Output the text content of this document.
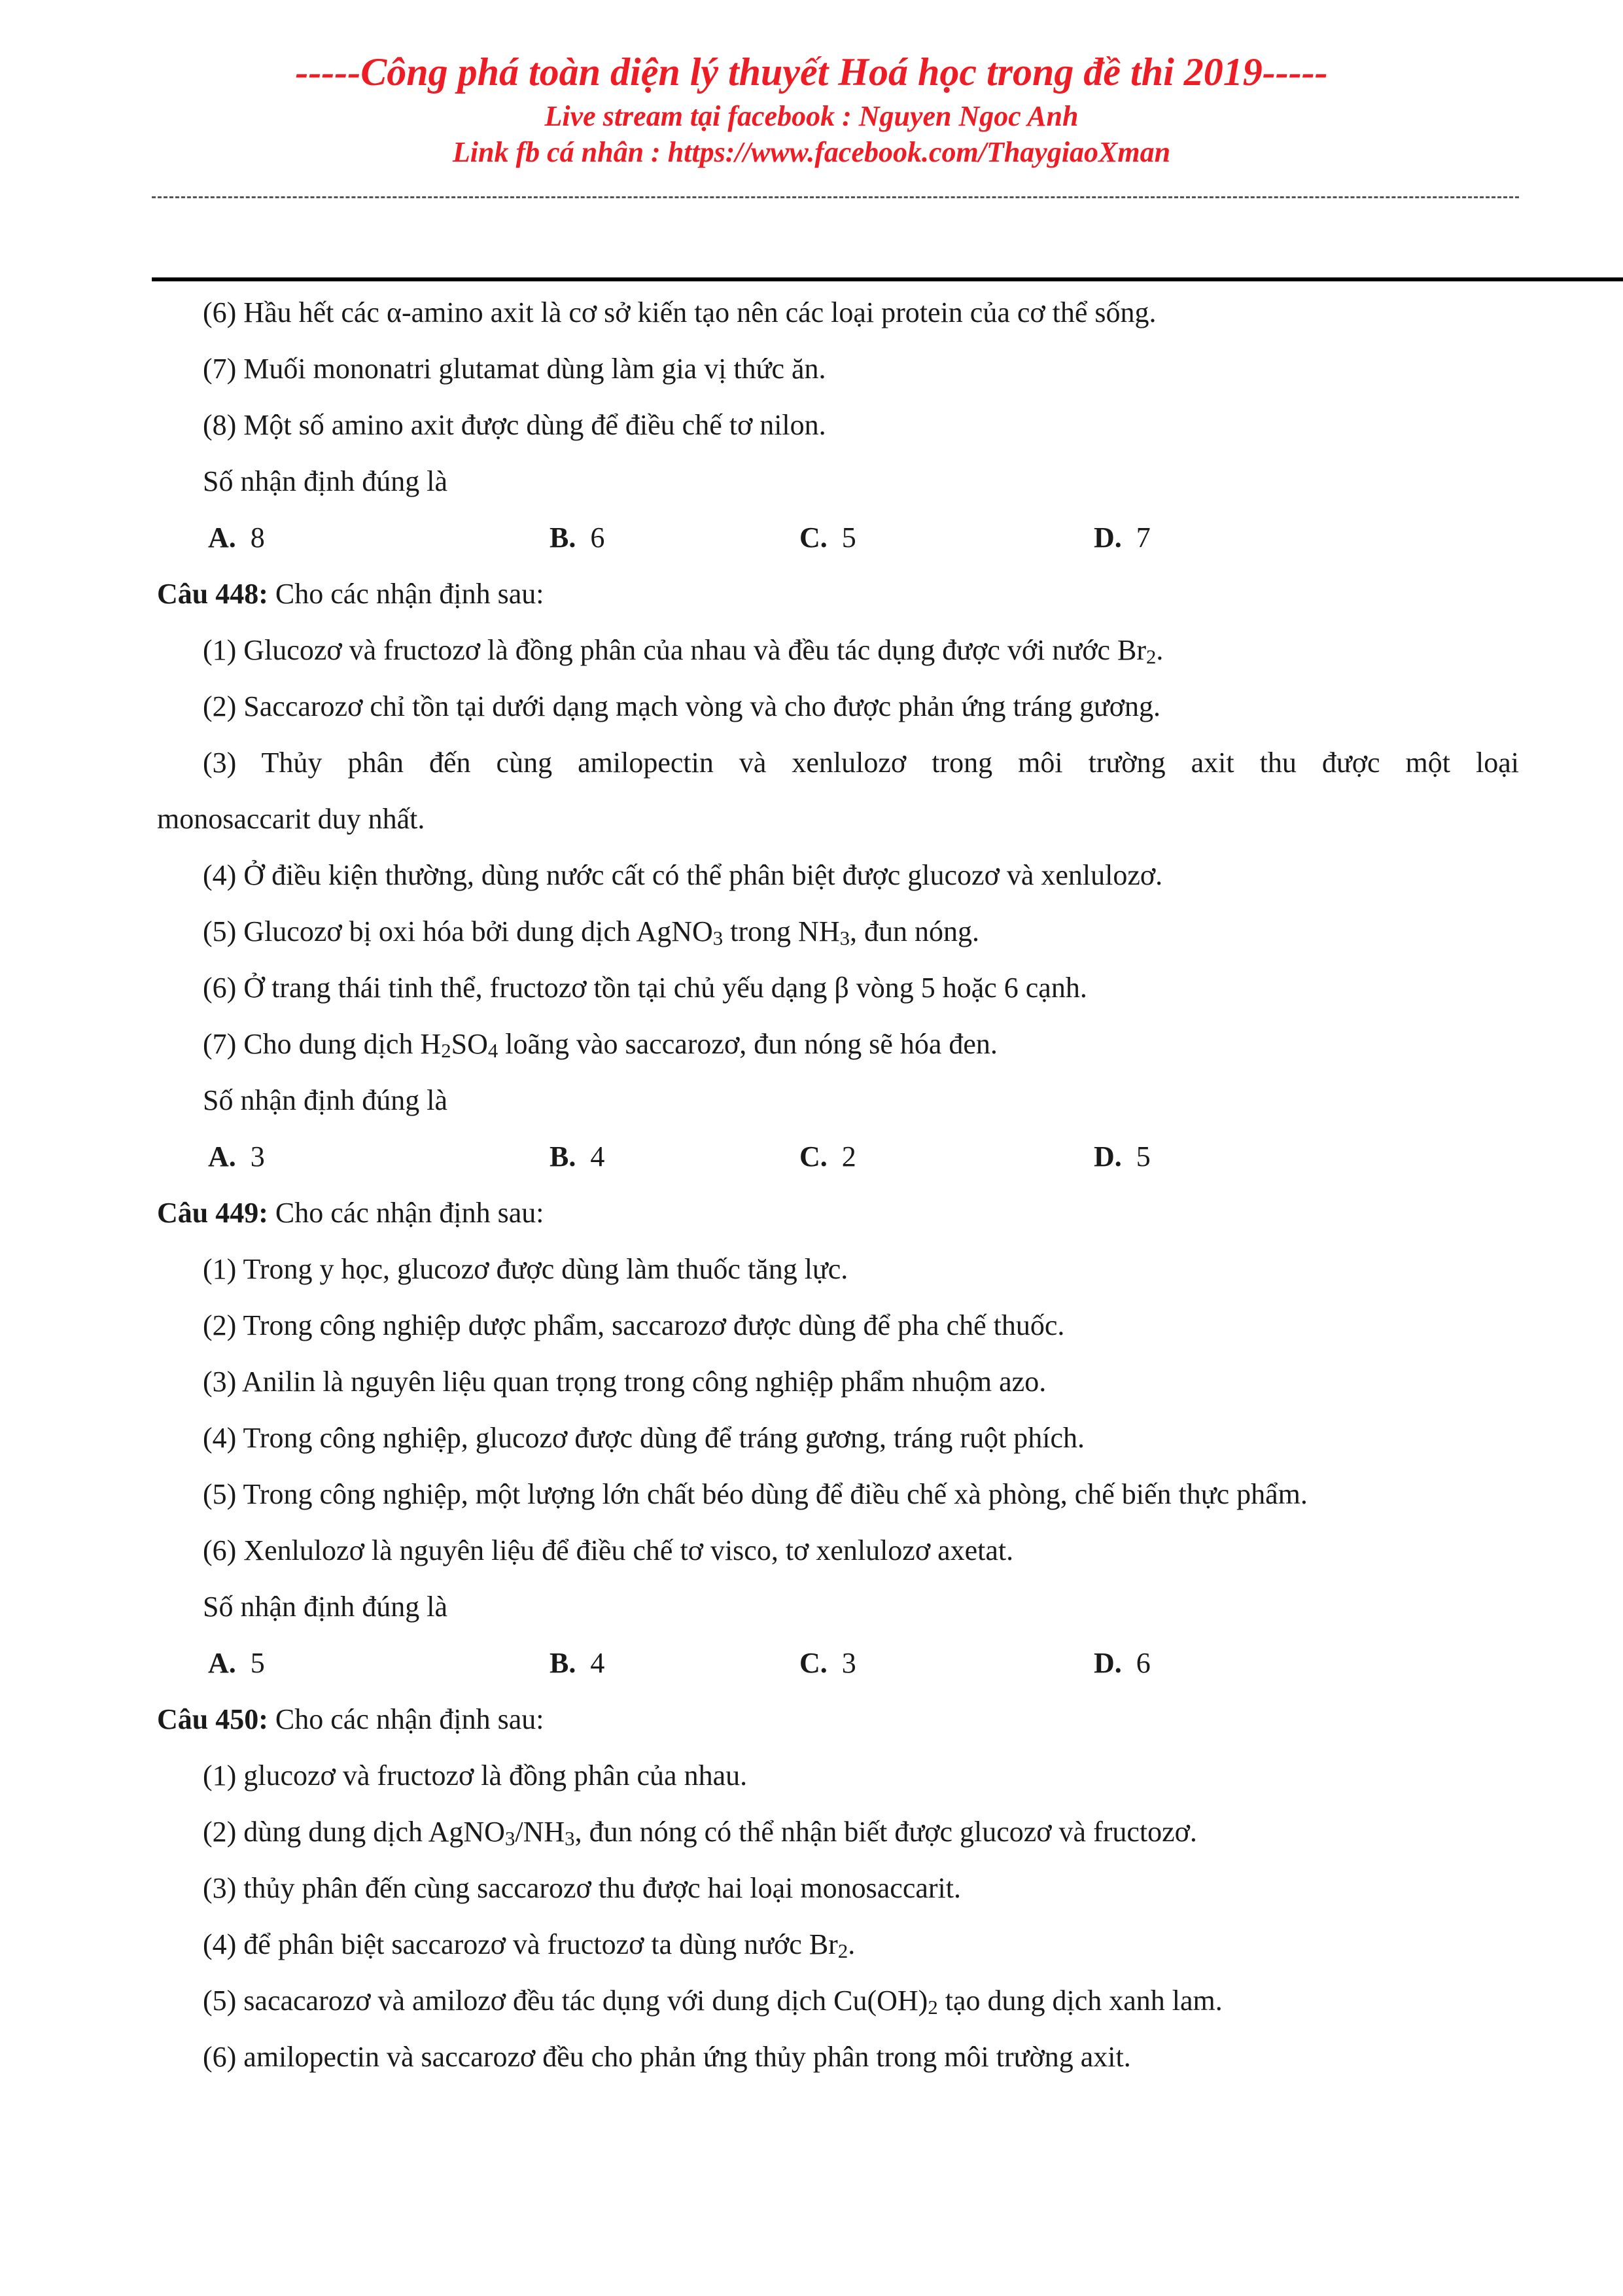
-----Công phá toàn diện lý thuyết Hoá học trong đề thi 2019-----
Live stream tại facebook : Nguyen Ngoc Anh
Link fb cá nhân : https://www.facebook.com/ThaygiaoXman
(6) Hầu hết các α-amino axit là cơ sở kiến tạo nên các loại protein của cơ thể sống.
(7) Muối mononatri glutamat dùng làm gia vị thức ăn.
(8) Một số amino axit được dùng để điều chế tơ nilon.
Số nhận định đúng là
A. 8	B. 6	C. 5	D. 7
Câu 448: Cho các nhận định sau:
(1) Glucozơ và fructozơ là đồng phân của nhau và đều tác dụng được với nước $Br_2$.
(2) Saccarozơ chỉ tồn tại dưới dạng mạch vòng và cho được phản ứng tráng gương.
(3) Thủy phân đến cùng amilopectin và xenlulozơ trong môi trường axit thu được một loại
monosaccarit duy nhất.
(4) Ở điều kiện thường, dùng nước cất có thể phân biệt được glucozơ và xenlulozơ.
(5) Glucozơ bị oxi hóa bởi dung dịch AgNO$_3$ trong $NH_3$, đun nóng.
(6) Ở trang thái tinh thể, fructozơ tồn tại chủ yếu dạng β vòng 5 hoặc 6 cạnh.
(7) Cho dung dịch $H_2SO_4$ loãng vào saccarozơ, đun nóng sẽ hóa đen.
Số nhận định đúng là
A. 3	B. 4	C. 2	D. 5
Câu 449: Cho các nhận định sau:
(1) Trong y học, glucozơ được dùng làm thuốc tăng lực.
(2) Trong công nghiệp dược phẩm, saccarozơ được dùng để pha chế thuốc.
(3) Anilin là nguyên liệu quan trọng trong công nghiệp phẩm nhuộm azo.
(4) Trong công nghiệp, glucozơ được dùng để tráng gương, tráng ruột phích.
(5) Trong công nghiệp, một lượng lớn chất béo dùng để điều chế xà phòng, chế biến thực phẩm.
(6) Xenlulozơ là nguyên liệu để điều chế tơ visco, tơ xenlulozơ axetat.
Số nhận định đúng là
A. 5	B. 4	C. 3	D. 6
Câu 450: Cho các nhận định sau:
(1) glucozơ và fructozơ là đồng phân của nhau.
(2) dùng dung dịch $AgNO_3/NH_3$, đun nóng có thể nhận biết được glucozơ và fructozơ.
(3) thủy phân đến cùng saccarozơ thu được hai loại monosaccarit.
(4) để phân biệt saccarozơ và fructozơ ta dùng nước $Br_2$.
(5) sacacarozơ và amilozơ đều tác dụng với dung dịch $Cu(OH)_2$ tạo dung dịch xanh lam.
(6) amilopectin và saccarozơ đều cho phản ứng thủy phân trong môi trường axit.
